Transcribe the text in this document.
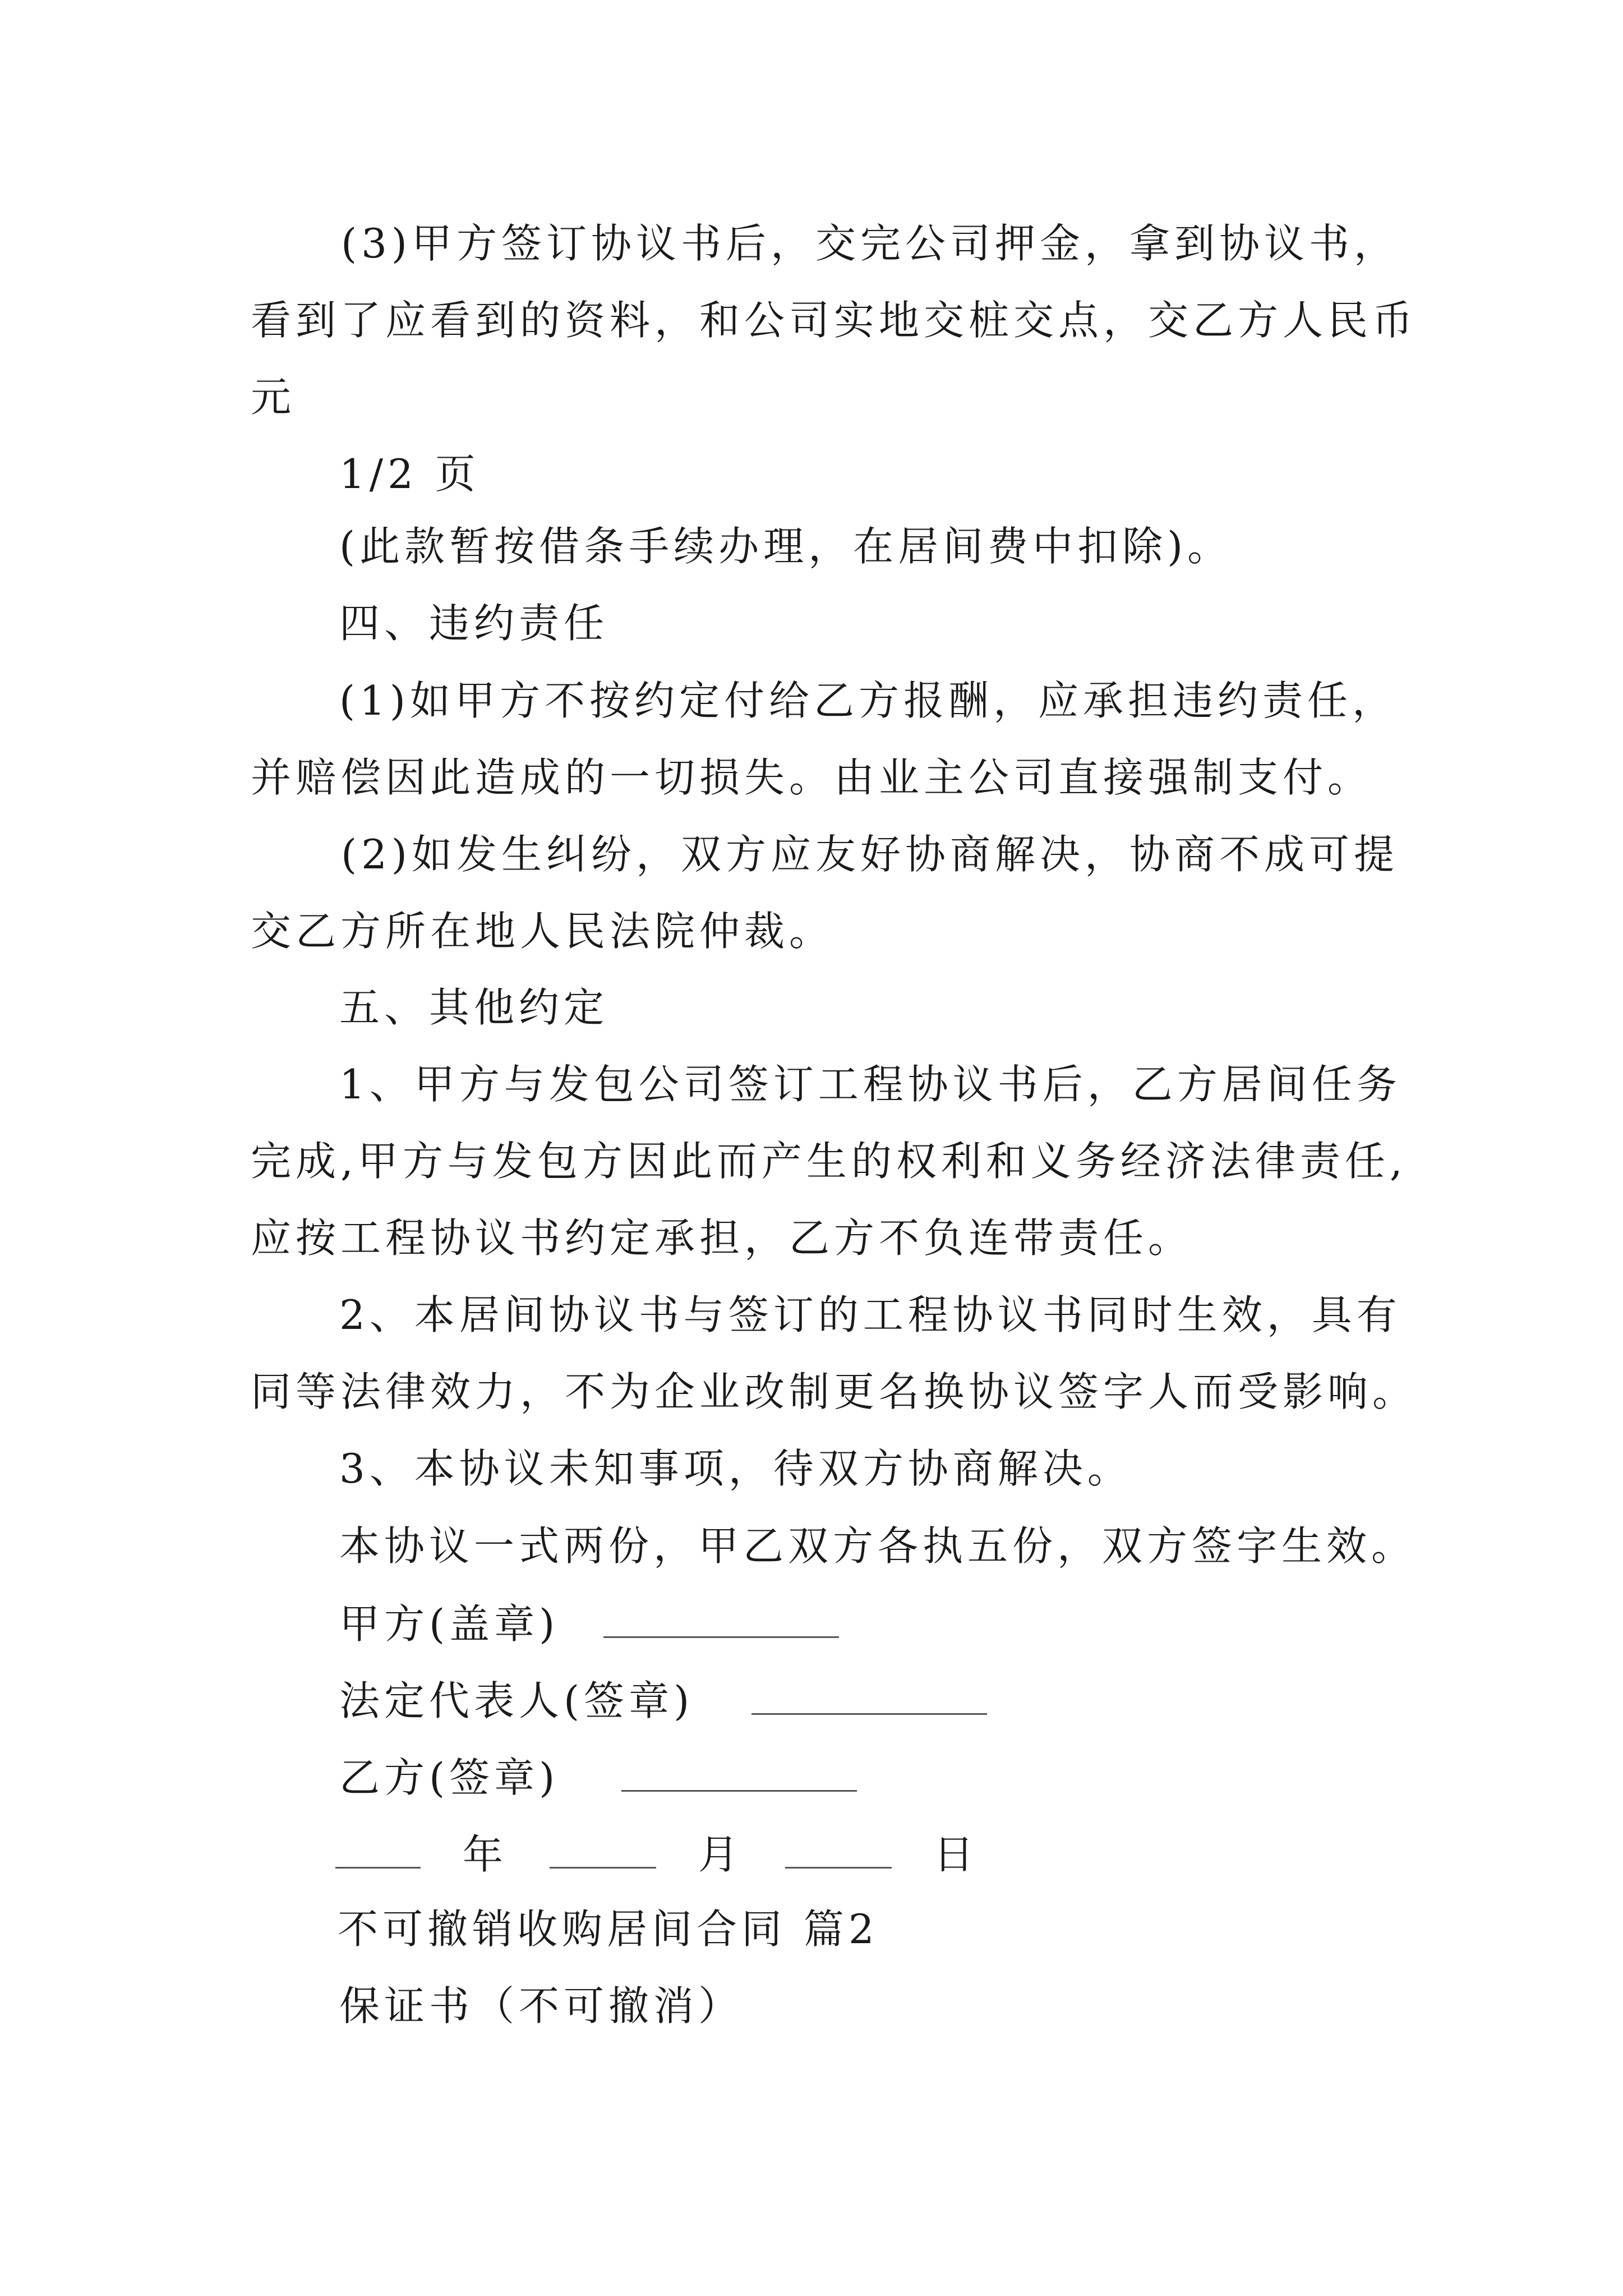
(3)甲方签订协议书后，交完公司押金，拿到协议书，
看到了应看到的资料，和公司实地交桩交点，交乙方人民币
元
1/2 页
(此款暂按借条手续办理，在居间费中扣除)。
四、违约责任
(1)如甲方不按约定付给乙方报酬，应承担违约责任，
并赔偿因此造成的一切损失。由业主公司直接强制支付。
(2)如发生纠纷，双方应友好协商解决，协商不成可提
交乙方所在地人民法院仲裁。
五、其他约定
1、甲方与发包公司签订工程协议书后，乙方居间任务
完成,甲方与发包方因此而产生的权利和义务经济法律责任,
应按工程协议书约定承担，乙方不负连带责任。
2、本居间协议书与签订的工程协议书同时生效，具有
同等法律效力，不为企业改制更名换协议签字人而受影响。
3、本协议未知事项，待双方协商解决。
本协议一式两份，甲乙双方各执五份，双方签字生效。
甲方(盖章)
法定代表人(签章)
乙方(签章)
年	月	日
不可撤销收购居间合同 篇2
保证书（不可撤消）
